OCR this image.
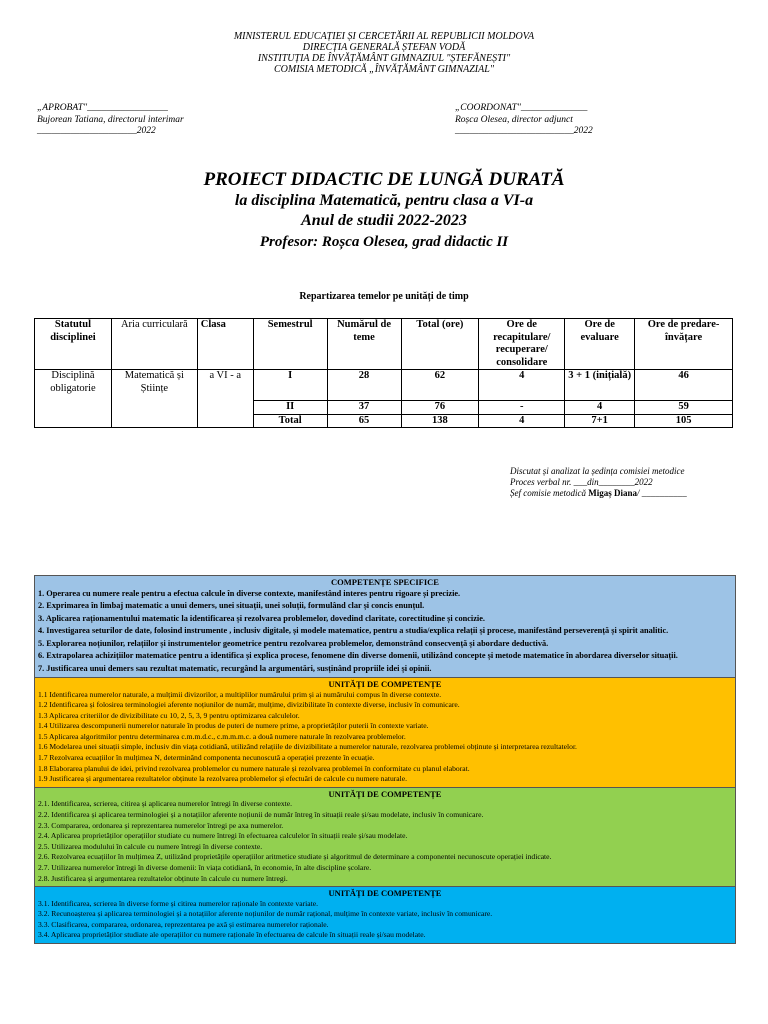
MINISTERUL EDUCAȚIEI ȘI CERCETĂRII AL REPUBLICII MOLDOVA
DIRECȚIA GENERALĂ ȘTEFAN VODĂ
INSTITUȚIA DE ÎNVĂȚĂMÂNT GIMNAZIUL "ȘTEFĂNEȘTI"
COMISIA METODICĂ „ÎNVĂȚĂMÂNT GIMNAZIAL"
„APROBAT"_________________
Bujorean Tatiana, directorul interimar
_____________________2022
„COORDONAT"______________
Roșca Olesea, director adjunct
_________________________2022
PROIECT DIDACTIC DE LUNGĂ DURATĂ
la disciplina Matematică, pentru clasa a VI-a
Anul de studii 2022-2023
Profesor: Roșca Olesea, grad didactic II
Repartizarea temelor pe unități de timp
Statutul disciplinei	Aria curriculară	Clasa	Semestrul	Numărul de teme	Total (ore)	Ore de recapitulare/ recuperare/ consolidare	Ore de evaluare	Ore de predare-învățare
Disciplină obligatorie	Matematică și Științe	a VI - a	I	28	62	4	3 + 1 (inițială)	46
			II	37	76	-	4	59
			Total	65	138	4	7+1	105
Discutat și analizat la ședința comisiei metodice
Proces verbal nr. ___din________2022
Șef comisie metodică Migaș Diana/ __________
COMPETENȚE SPECIFICE
1. Operarea cu numere reale pentru a efectua calcule în diverse contexte, manifestând interes pentru rigoare și precizie.
2. Exprimarea în limbaj matematic a unui demers, unei situații, unei soluții, formulând clar și concis enunțul.
3. Aplicarea raționamentului matematic la identificarea și rezolvarea problemelor, dovedind claritate, corectitudine și concizie.
4. Investigarea seturilor de date, folosind instrumente , inclusiv digitale, și modele matematice, pentru a studia/explica relații și procese, manifestând perseverență și spirit analitic.
5. Explorarea noțiunilor, relațiilor și instrumentelor geometrice pentru rezolvarea problemelor, demonstrând consecvență și abordare deductivă.
6. Extrapolarea achizițiilor matematice pentru a identifica și explica procese, fenomene din diverse domenii, utilizând concepte și metode matematice în abordarea diverselor situații.
7. Justificarea unui demers sau rezultat matematic, recurgând la argumentări, susținând propriile idei și opinii.
UNITĂȚI DE COMPETENȚE
1.1 Identificarea numerelor naturale, a mulțimii divizorilor, a multiplilor numărului prim și ai numărului compus în diverse contexte.
1.2 Identificarea și folosirea terminologiei aferente noțiunilor de număr, mulțime, divizibilitate în contexte diverse, inclusiv în comunicare.
1.3 Aplicarea criteriilor de divizibilitate cu 10, 2, 5, 3, 9 pentru optimizarea calculelor.
1.4 Utilizarea descompunerii numerelor naturale în produs de puteri de numere prime, a proprietăților puterii în contexte variate.
1.5 Aplicarea algoritmilor pentru determinarea c.m.m.d.c., c.m.m.m.c. a două numere naturale în rezolvarea problemelor.
1.6 Modelarea unei situații simple, inclusiv din viața cotidiană, utilizând relațiile de divizibilitate a numerelor naturale, rezolvarea problemei obținute și interpretarea rezultatelor.
1.7 Rezolvarea ecuațiilor în mulțimea N, determinând componenta necunoscută a operației prezente în ecuație.
1.8 Elaborarea planului de idei, privind rezolvarea problemelor cu numere naturale și rezolvarea problemei în conformitate cu planul elaborat.
1.9 Justificarea și argumentarea rezultatelor obținute la rezolvarea problemelor și efectuări de calcule cu numere naturale.
UNITĂȚI DE COMPETENȚE
2.1. Identificarea, scrierea, citirea și aplicarea numerelor întregi în diverse contexte.
2.2. Identificarea și aplicarea terminologiei și a notațiilor aferente noțiunii de număr întreg în situații reale și/sau modelate, inclusiv în comunicare.
2.3. Compararea, ordonarea și reprezentarea numerelor întregi pe axa numerelor.
2.4. Aplicarea proprietăților operațiilor studiate cu numere întregi în efectuarea calculelor în situații reale și/sau modelate.
2.5. Utilizarea modulului în calcule cu numere întregi în diverse contexte.
2.6. Rezolvarea ecuațiilor în mulțimea Z, utilizând proprietățile operațiilor aritmetice studiate și algoritmul de determinare a componentei necunoscute operației indicate.
2.7. Utilizarea numerelor întregi în diverse domenii: în viața cotidiană, în economie, în alte discipline școlare.
2.8. Justificarea și argumentarea rezultatelor obținute în calcule cu numere întregi.
UNITĂȚI DE COMPETENȚE
3.1. Identificarea, scrierea în diverse forme și citirea numerelor raționale în contexte variate.
3.2. Recunoașterea și aplicarea terminologiei și a notațiilor aferente noțiunilor de număr rațional, mulțime în contexte variate, inclusiv în comunicare.
3.3. Clasificarea, compararea, ordonarea, reprezentarea pe axă și estimarea numerelor raționale.
3.4. Aplicarea proprietăților studiate ale operațiilor cu numere raționale în efectuarea de calcule în situații reale și/sau modelate.
